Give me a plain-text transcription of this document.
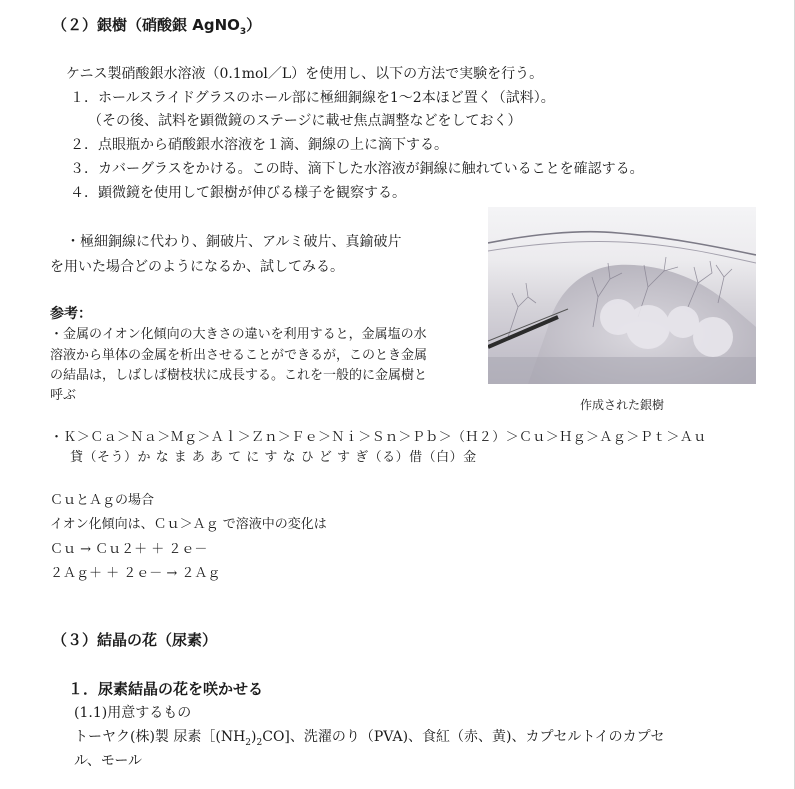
（２）銀樹（硝酸銀 AgNO$_3$）
ケニス製硝酸銀水溶液（0.1mol／L）を使用し、以下の方法で実験を行う。
１．ホールスライドグラスのホール部に極細銅線を1～2本ほど置く（試料）。
（その後、試料を顕微鏡のステージに載せ焦点調整などをしておく）
２．点眼瓶から硝酸銀水溶液を１滴、銅線の上に滴下する。
３．カバーグラスをかける。この時、滴下した水溶液が銅線に触れていることを確認する。
４．顕微鏡を使用して銀樹が伸びる様子を観察する。
・極細銅線に代わり、銅破片、アルミ破片、真鍮破片
を用いた場合どのようになるか、試してみる。
参考：
・金属のイオン化傾向の大きさの違いを利用すると，金属塩の水
溶液から単体の金属を析出させることができるが，このとき金属
の結晶は，しばしば樹枝状に成長する。これを一般的に金属樹と
呼ぶ
作成された銀樹
・Ｋ＞Ｃａ＞Ｎａ＞Ｍｇ＞Ａｌ＞Ｚｎ＞Ｆｅ＞Ｎｉ＞Ｓｎ＞Ｐｂ＞（Ｈ２）＞Ｃｕ＞Ｈｇ＞Ａｇ＞Ｐｔ＞Ａｕ
貸（そう）か な ま あ あ て に す な ひ ど す ぎ（る）借（白）金
ＣｕとＡｇの場合
イオン化傾向は、Ｃｕ＞Ａｇ で溶液中の変化は
Ｃｕ → Ｃｕ２＋ ＋ ２ｅ－
２Ａｇ＋ ＋ ２ｅ－ → ２Ａｇ
（３）結晶の花（尿素）
１．尿素結晶の花を咲かせる
(1.1)用意するもの
トーヤク(株)製 尿素$[(NH_2)_2CO$]、洗濯のり（PVA)、食紅（赤、黄)、カプセルトイのカプセ
ル、モール
